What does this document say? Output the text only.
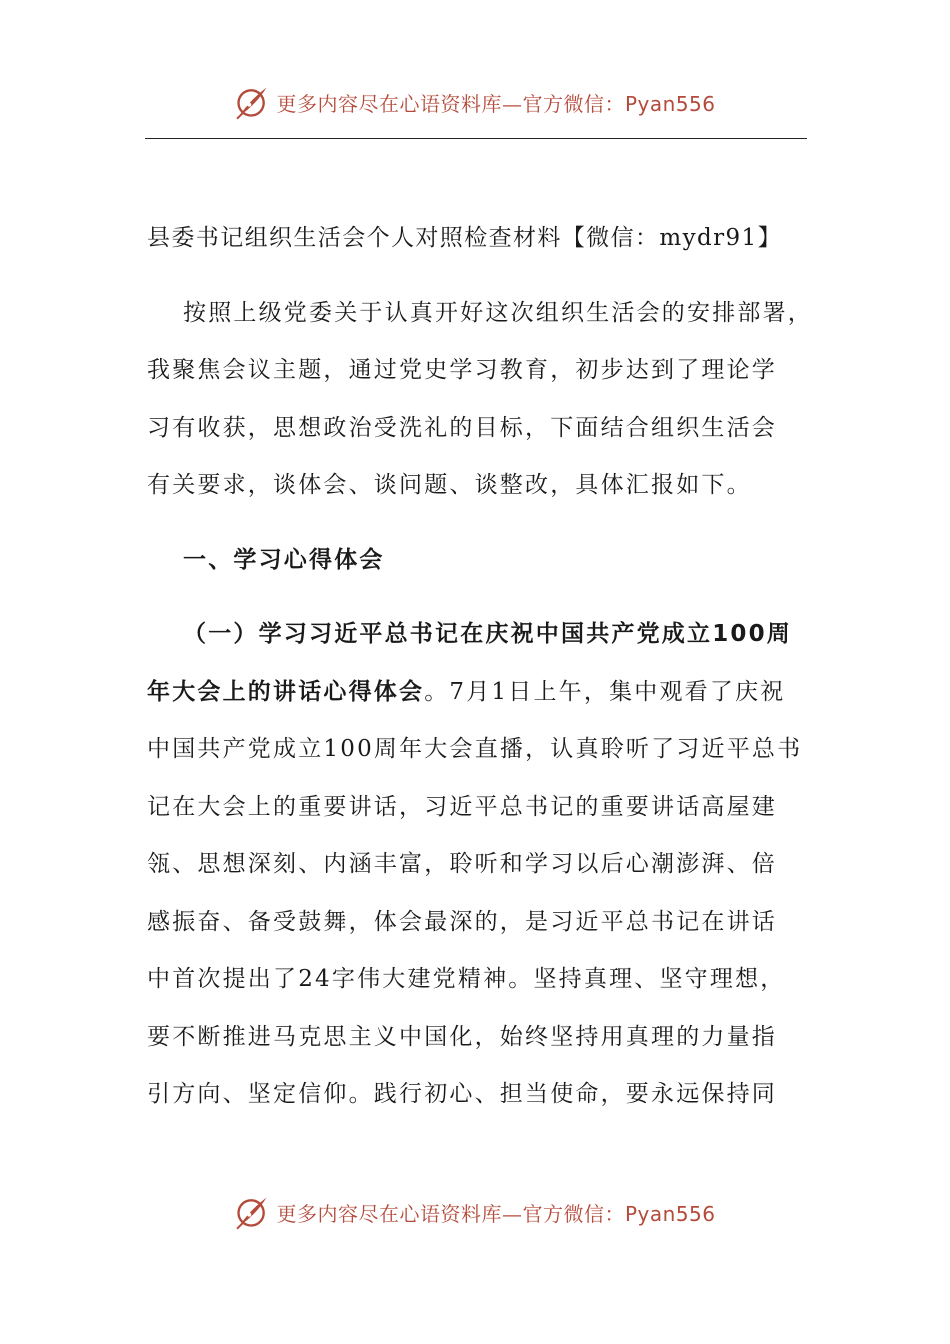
更多内容尽在心语资料库—官方微信：Pyan556
县委书记组织生活会个人对照检查材料【微信：mydr91】
按照上级党委关于认真开好这次组织生活会的安排部署，
我聚焦会议主题，通过党史学习教育，初步达到了理论学
习有收获，思想政治受洗礼的目标，下面结合组织生活会
有关要求，谈体会、谈问题、谈整改，具体汇报如下。
一、学习心得体会
（一）学习习近平总书记在庆祝中国共产党成立100周
年大会上的讲话心得体会。7月1日上午，集中观看了庆祝
中国共产党成立100周年大会直播，认真聆听了习近平总书
记在大会上的重要讲话，习近平总书记的重要讲话高屋建
瓴、思想深刻、内涵丰富，聆听和学习以后心潮澎湃、倍
感振奋、备受鼓舞，体会最深的，是习近平总书记在讲话
中首次提出了24字伟大建党精神。坚持真理、坚守理想，
要不断推进马克思主义中国化，始终坚持用真理的力量指
引方向、坚定信仰。践行初心、担当使命，要永远保持同
更多内容尽在心语资料库—官方微信：Pyan556
